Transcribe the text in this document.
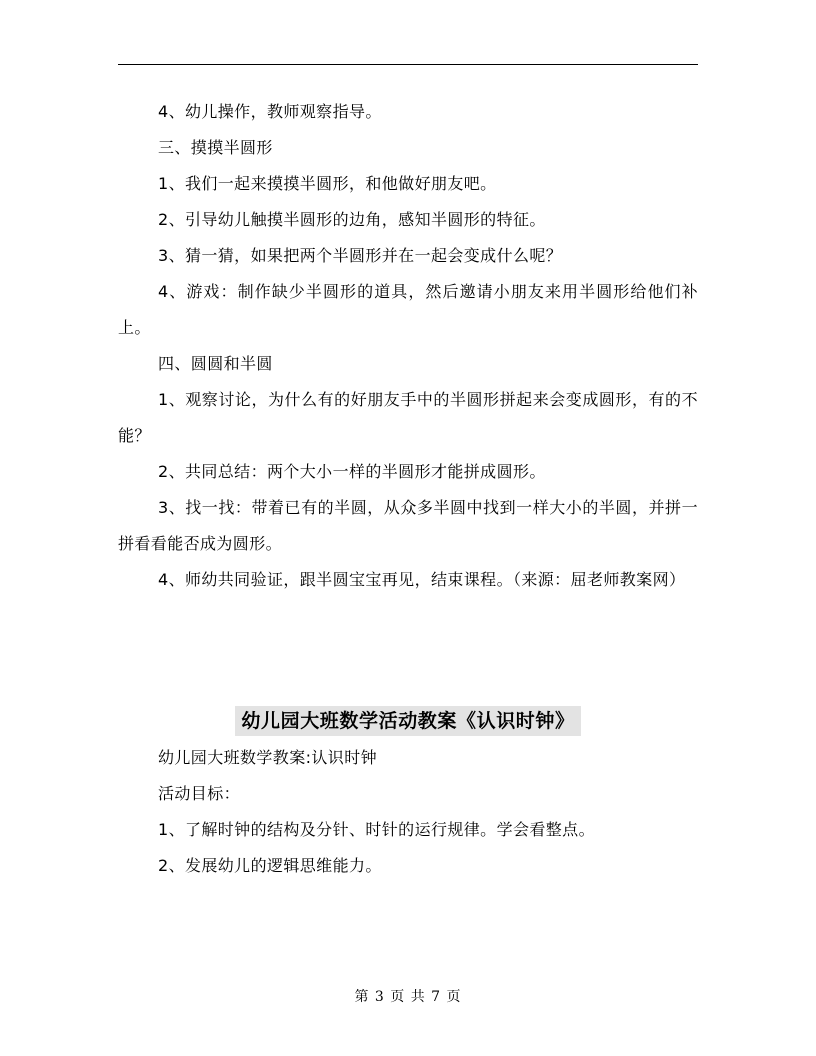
4、幼儿操作，教师观察指导。

三、摸摸半圆形

1、我们一起来摸摸半圆形，和他做好朋友吧。

2、引导幼儿触摸半圆形的边角，感知半圆形的特征。

3、猜一猜，如果把两个半圆形并在一起会变成什么呢？

4、游戏：制作缺少半圆形的道具，然后邀请小朋友来用半圆形给他们补上。

四、圆圆和半圆

1、观察讨论，为什么有的好朋友手中的半圆形拼起来会变成圆形，有的不 能？

2、共同总结：两个大小一样的半圆形才能拼成圆形。

3、找一找：带着已有的半圆，从众多半圆中找到一样大小的半圆，并拼一 拼看看能否成为圆形。

4、师幼共同验证，跟半圆宝宝再见，结束课程。（来源：屈老师教案网）

幼儿园大班数学活动教案《认识时钟》

幼儿园大班数学教案:认识时钟

活动目标：

1、了解时钟的结构及分针、时针的运行规律。学会看整点。

2、发展幼儿的逻辑思维能力。

第 3 页 共 7 页
